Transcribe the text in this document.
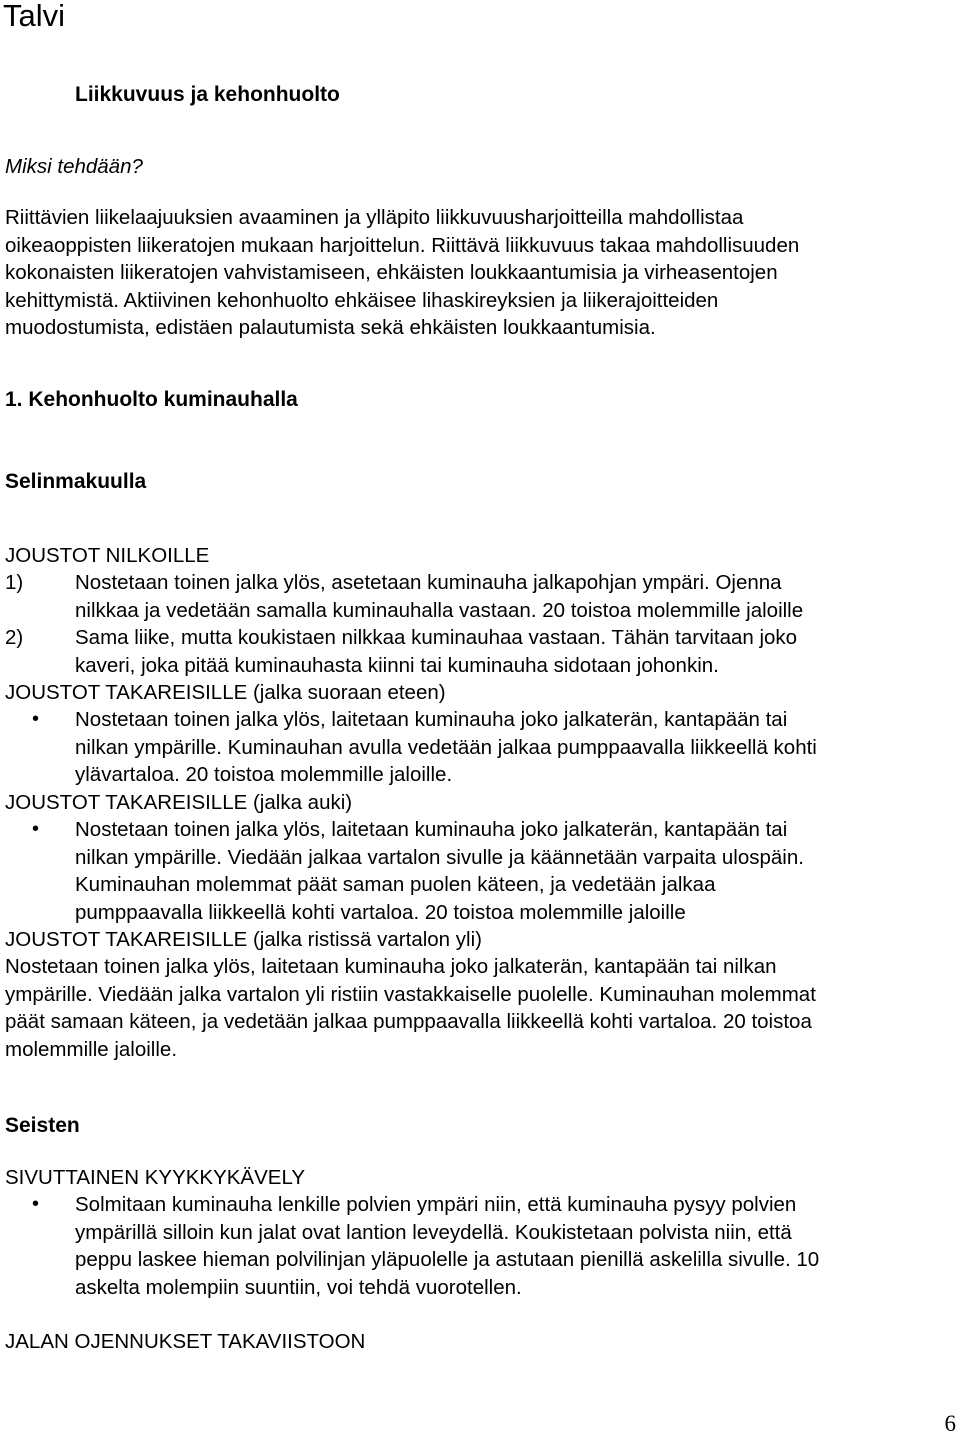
Talvi
Liikkuvuus ja kehonhuolto

Miksi tehdään?

Riittävien liikelaajuuksien avaaminen ja ylläpito liikkuvuusharjoitteilla mahdollistaa
oikeaoppisten liikeratojen mukaan harjoittelun. Riittävä liikkuvuus takaa mahdollisuuden
kokonaisten liikeratojen vahvistamiseen, ehkäisten loukkaantumisia ja virheasentojen
kehittymistä. Aktiivinen kehonhuolto ehkäisee lihaskireyksien ja liikerajoitteiden
muodostumista, edistäen palautumista sekä ehkäisten loukkaantumisia.

1. Kehonhuolto kuminauhalla

Selinmakuulla

JOUSTOT NILKOILLE

1)	Nostetaan toinen jalka ylös, asetetaan kuminauha jalkapohjan ympäri. Ojenna
nilkkaa ja vedetään samalla kuminauhalla vastaan. 20 toistoa molemmille jaloille
2)	Sama liike, mutta koukistaen nilkkaa kuminauhaa vastaan. Tähän tarvitaan joko
kaveri, joka pitää kuminauhasta kiinni tai kuminauha sidotaan johonkin.

JOUSTOT TAKAREISILLE (jalka suoraan eteen)

• Nostetaan toinen jalka ylös, laitetaan kuminauha joko jalkaterän, kantapään tai
nilkan ympärille. Kuminauhan avulla vedetään jalkaa pumppaavalla liikkeellä kohti
ylävartaloa. 20 toistoa molemmille jaloille.

JOUSTOT TAKAREISILLE (jalka auki)

• Nostetaan toinen jalka ylös, laitetaan kuminauha joko jalkaterän, kantapään tai
nilkan ympärille. Viedään jalkaa vartalon sivulle ja käännetään varpaita ulospäin.
Kuminauhan molemmat päät saman puolen käteen, ja vedetään jalkaa
pumppaavalla liikkeellä kohti vartaloa. 20 toistoa molemmille jaloille

JOUSTOT TAKAREISILLE (jalka ristissä vartalon yli)

Nostetaan toinen jalka ylös, laitetaan kuminauha joko jalkaterän, kantapään tai nilkan
ympärille. Viedään jalka vartalon yli ristiin vastakkaiselle puolelle. Kuminauhan molemmat
päät samaan käteen, ja vedetään jalkaa pumppaavalla liikkeellä kohti vartaloa. 20 toistoa
molemmille jaloille.

Seisten

SIVUTTAINEN KYYKKYKÄVELY

• Solmitaan kuminauha lenkille polvien ympäri niin, että kuminauha pysyy polvien
ympärillä silloin kun jalat ovat lantion leveydellä. Koukistetaan polvista niin, että
peppu laskee hieman polvilinjan yläpuolelle ja astutaan pienillä askelilla sivulle. 10
askelta molempiin suuntiin, voi tehdä vuorotellen.

JALAN OJENNUKSET TAKAVIISTOON

6
